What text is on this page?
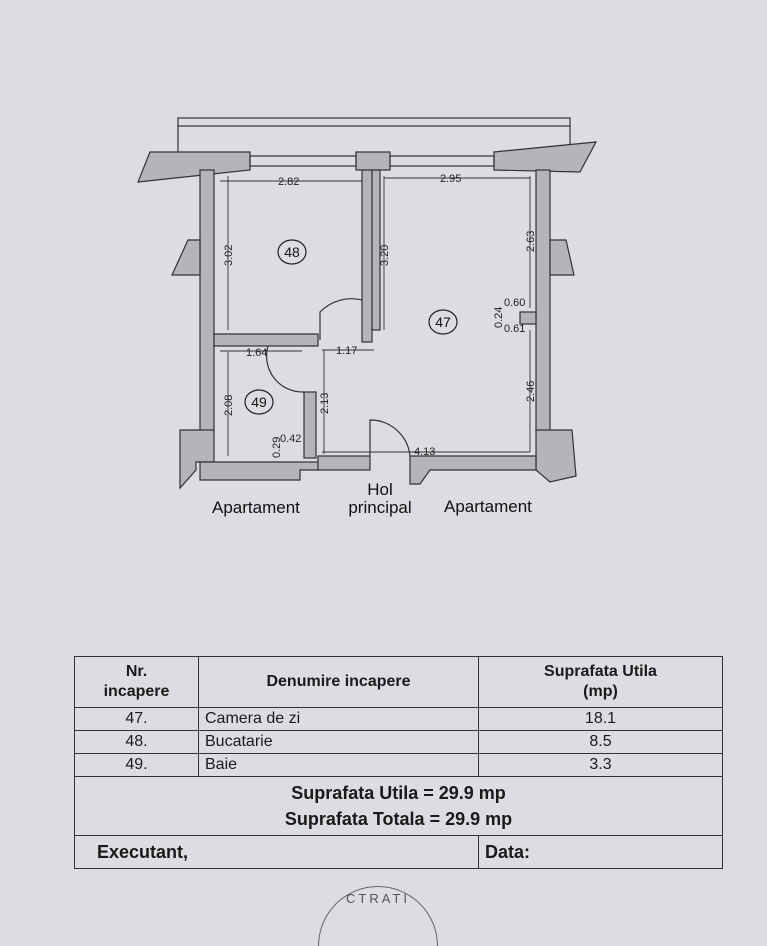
2.82	2.95
3.02	3.20
2.63
0.60
0.24
0.61
1.64	1.17
2.46
2.08	2.13
0.29
0.42
4.13
48
47
49
Apartament
Hol
principal Apartament
Nr.
incapere	Denumire incapere	Suprafata Utila
(mp)
47.	Camera de zi	18.1
48.	Bucatarie	8.5
49.	Baie	3.3
Suprafata Utila = 29.9 mp
Suprafata Totala = 29.9 mp		
Executant,		Data:
CTRATI
